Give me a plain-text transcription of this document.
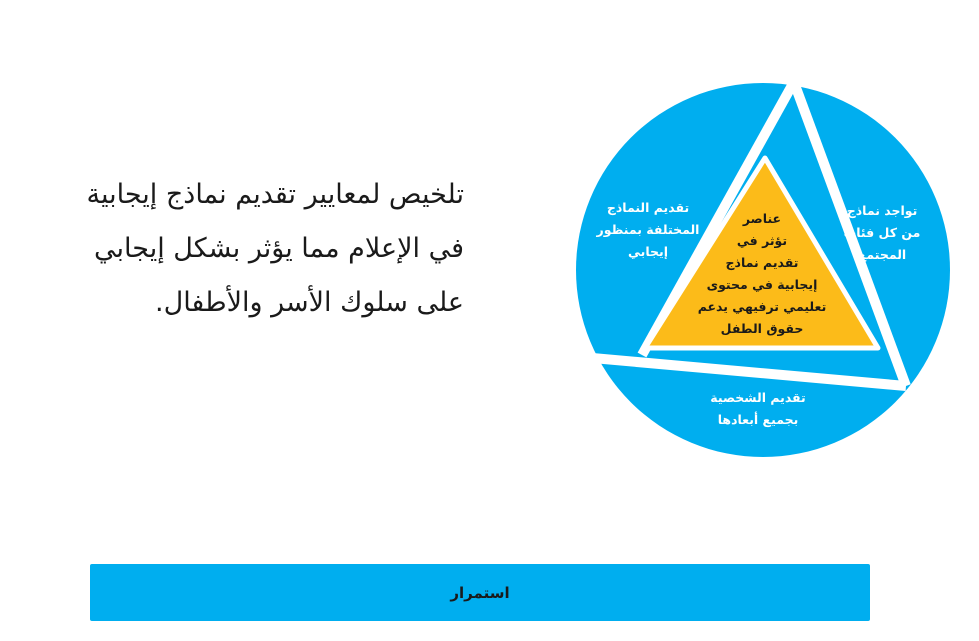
تلخيص لمعايير تقديم نماذج إيجابية
في الإعلام مما يؤثر بشكل إيجابي
على سلوك الأسر والأطفال.
عناصر
تؤثر في
تقديم نماذج
إيجابية في محتوى
تعليمي ترفيهي يدعم
حقوق الطفل
تقديم النماذج
المختلفة بمنظور
إيجابي
تواجد نماذج
من كل فئات
المجتمع
تقديم الشخصية
بجميع أبعادها
استمرار
